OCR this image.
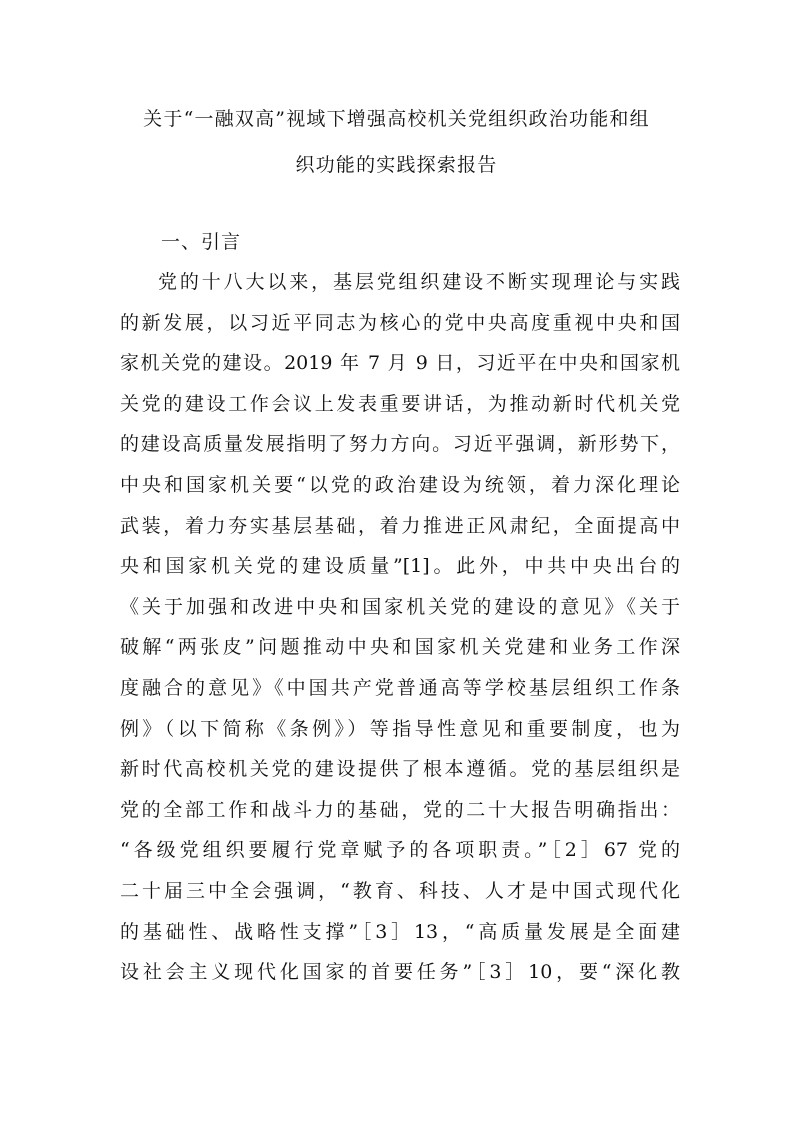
关于“一融双高”视域下增强高校机关党组织政治功能和组
织功能的实践探索报告
一、引言
党的十八大以来，基层党组织建设不断实现理论与实践
的新发展，以习近平同志为核心的党中央高度重视中央和国
家机关党的建设。2019 年 7 月 9 日，习近平在中央和国家机
关党的建设工作会议上发表重要讲话，为推动新时代机关党
的建设高质量发展指明了努力方向。习近平强调，新形势下，
中央和国家机关要“以党的政治建设为统领，着力深化理论
武装，着力夯实基层基础，着力推进正风肃纪，全面提高中
央和国家机关党的建设质量”[1]。此外，中共中央出台的
《关于加强和改进中央和国家机关党的建设的意见》《关于
破解“两张皮”问题推动中央和国家机关党建和业务工作深
度融合的意见》《中国共产党普通高等学校基层组织工作条
例》（以下简称《条例》）等指导性意见和重要制度，也为
新时代高校机关党的建设提供了根本遵循。党的基层组织是
党的全部工作和战斗力的基础，党的二十大报告明确指出：
“各级党组织要履行党章赋予的各项职责。”［2］67 党的
二十届三中全会强调，“教育、科技、人才是中国式现代化
的基础性、战略性支撑”［3］13，“高质量发展是全面建
设社会主义现代化国家的首要任务”［3］10，要“深化教
